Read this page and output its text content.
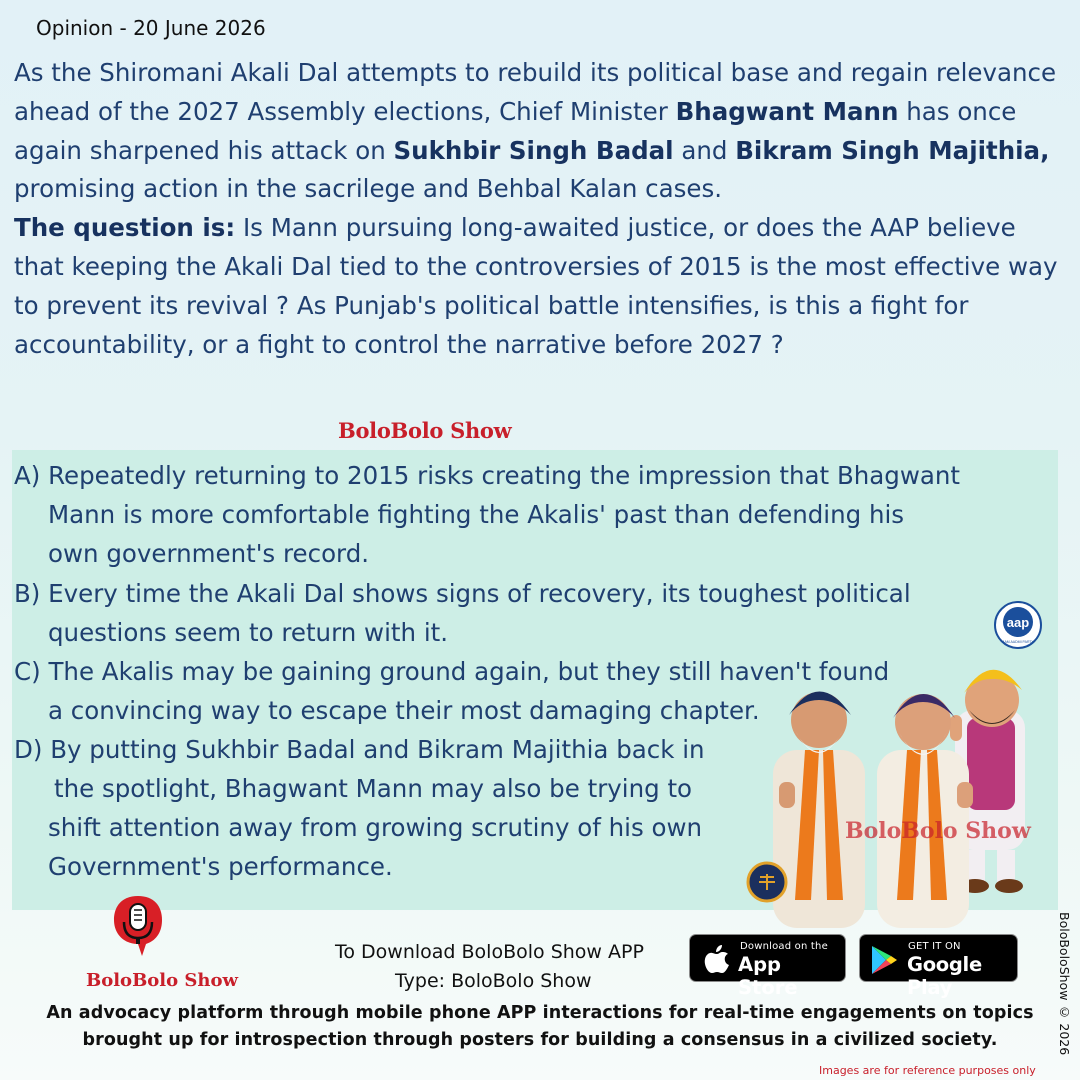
Opinion - 20 June 2026
As the Shiromani Akali Dal attempts to rebuild its political base and regain relevance ahead of the 2027 Assembly elections, Chief Minister Bhagwant Mann has once again sharpened his attack on Sukhbir Singh Badal and Bikram Singh Majithia, promising action in the sacrilege and Behbal Kalan cases.
The question is: Is Mann pursuing long-awaited justice, or does the AAP believe that keeping the Akali Dal tied to the controversies of 2015 is the most effective way to prevent its revival ? As Punjab's political battle intensifies, is this a fight for accountability, or a fight to control the narrative before 2027 ?
BoloBolo Show
A) Repeatedly returning to 2015 risks creating the impression that Bhagwant
Mann is more comfortable fighting the Akalis' past than defending his
own government's record.
B) Every time the Akali Dal shows signs of recovery, its toughest political
questions seem to return with it.
C) The Akalis may be gaining ground again, but they still haven't found
a convincing way to escape their most damaging chapter.
D) By putting Sukhbir Badal and Bikram Majithia back in
the spotlight, Bhagwant Mann may also be trying to
shift attention away from growing scrutiny of his own
Government's performance.
aap
AAM AADMI PARTY
BoloBolo Show
BoloBolo Show
To Download BoloBolo Show APP
Type: BoloBolo Show
Download on the
App Store
GET IT ON
Google Play
An advocacy platform through mobile phone APP interactions for real-time engagements on topics
brought up for introspection through posters for building a consensus in a civilized society.	BoloBoloShow © 2026
Images are for reference purposes only
